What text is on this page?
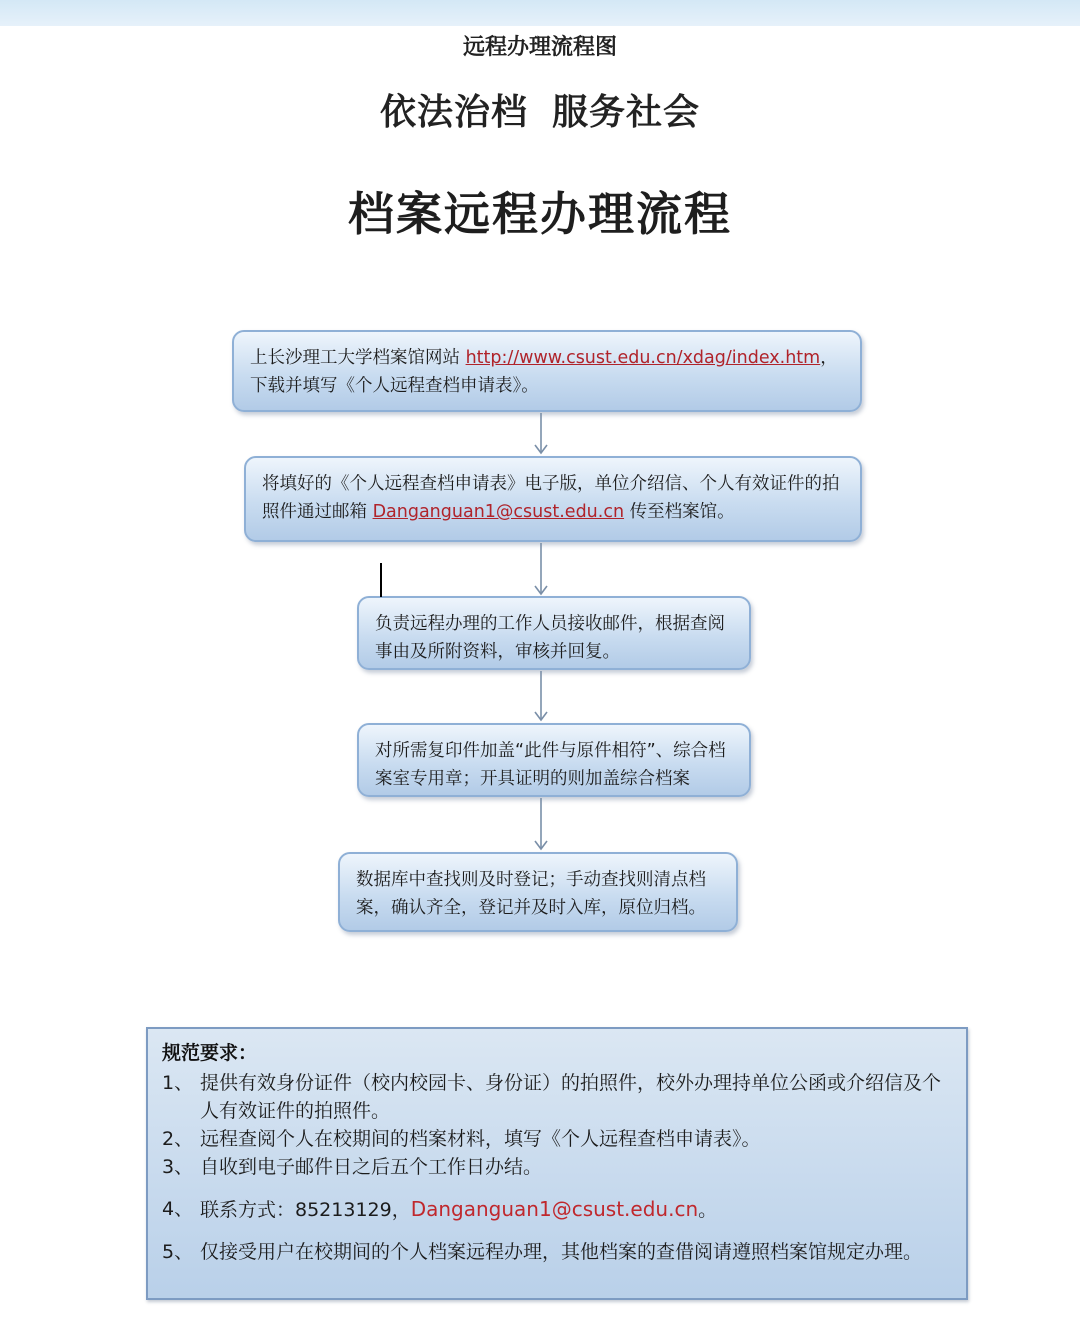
远程办理流程图
依法治档 服务社会
档案远程办理流程
上长沙理工大学档案馆网站 http://www.csust.edu.cn/xdag/index.htm，下载并填写《个人远程查档申请表》。
将填好的《个人远程查档申请表》电子版，单位介绍信、个人有效证件的拍照件通过邮箱 Danganguan1@csust.edu.cn 传至档案馆。
负责远程办理的工作人员接收邮件，根据查阅事由及所附资料，审核并回复。
对所需复印件加盖“此件与原件相符”、综合档案室专用章；开具证明的则加盖综合档案
数据库中查找则及时登记；手动查找则清点档案，确认齐全，登记并及时入库，原位归档。
规范要求：
1、 提供有效身份证件（校内校园卡、身份证）的拍照件，校外办理持单位公函或介绍信及个人有效证件的拍照件。
2、 远程查阅个人在校期间的档案材料，填写《个人远程查档申请表》。
3、 自收到电子邮件日之后五个工作日办结。
4、 联系方式：85213129，Danganguan1@csust.edu.cn。
5、 仅接受用户在校期间的个人档案远程办理，其他档案的查借阅请遵照档案馆规定办理。
